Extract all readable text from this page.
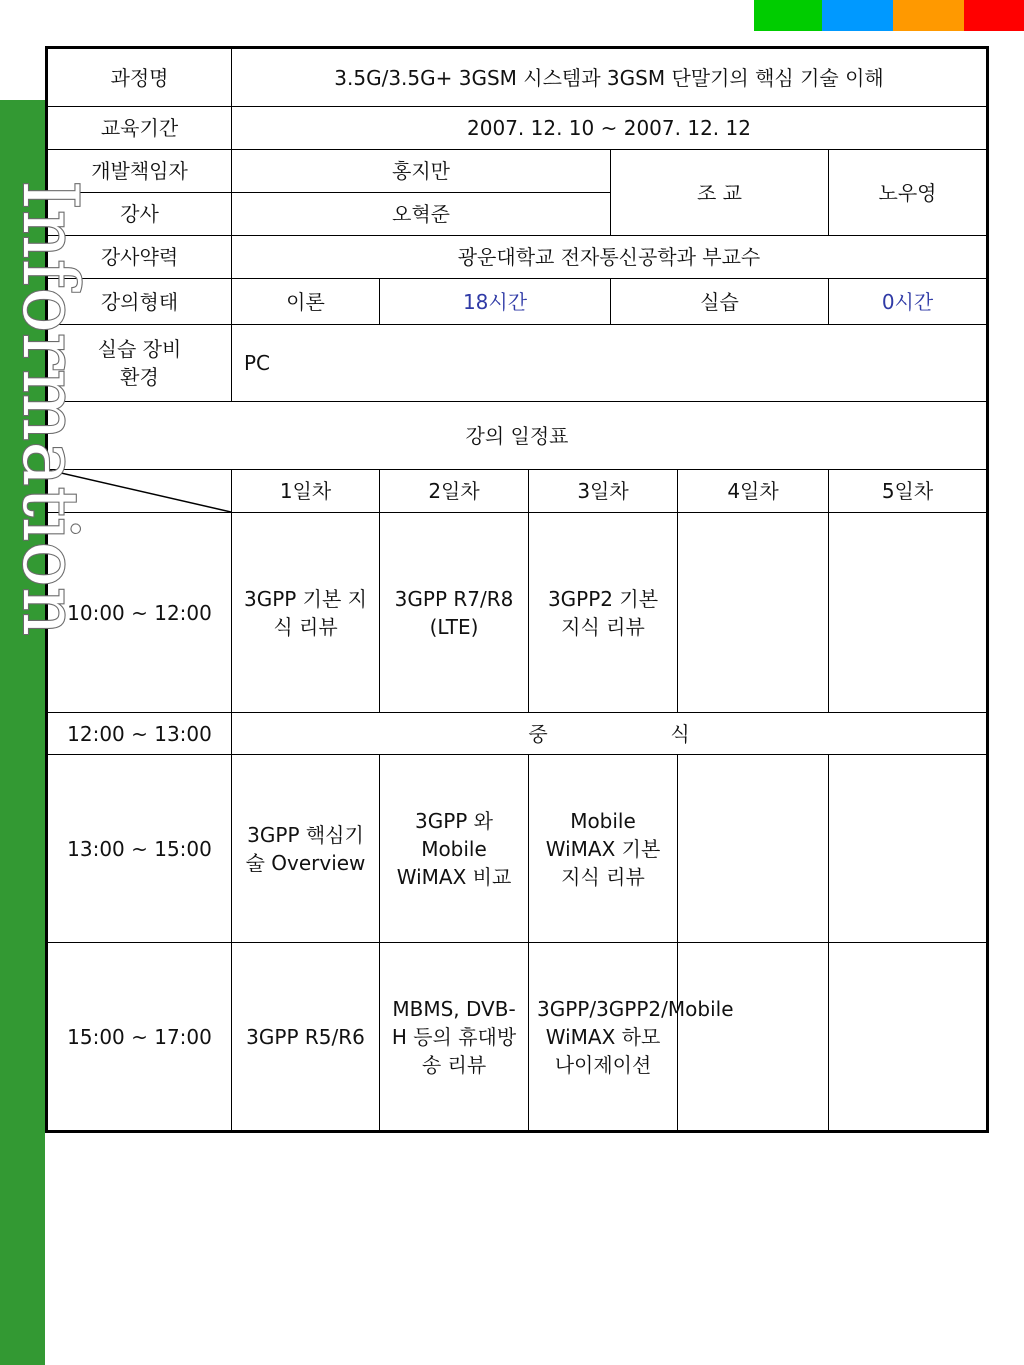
과정명	3.5G/3.5G+ 3GSM 시스템과 3GSM 단말기의 핵심 기술 이해					
교육기간	2007. 12. 10 ~ 2007. 12. 12					
개발책임자	홍지만			조 교		노우영
강사	오혁준					
강사약력	광운대학교 전자통신공학과 부교수					
강의형태	이론	18시간		실습		0시간

실습 장비
환경	PC					
강의 일정표						

	1일차	2일차	3일차		4일차	5일차
10:00 ~ 12:00	3GPP 기본 지식 리뷰	3GPP R7/R8 (LTE)	3GPP2 기본 지식 리뷰			
12:00 ~ 13:00	중 식					
13:00 ~ 15:00	3GPP 핵심기술 Overview	3GPP 와 Mobile WiMAX 비교	Mobile WiMAX 기본 지식 리뷰			
15:00 ~ 17:00	3GPP R5/R6	MBMS, DVB-H 등의 휴대방송 리뷰	3GPP/3GPP2/Mobile WiMAX 하모나이제이션			
Information
